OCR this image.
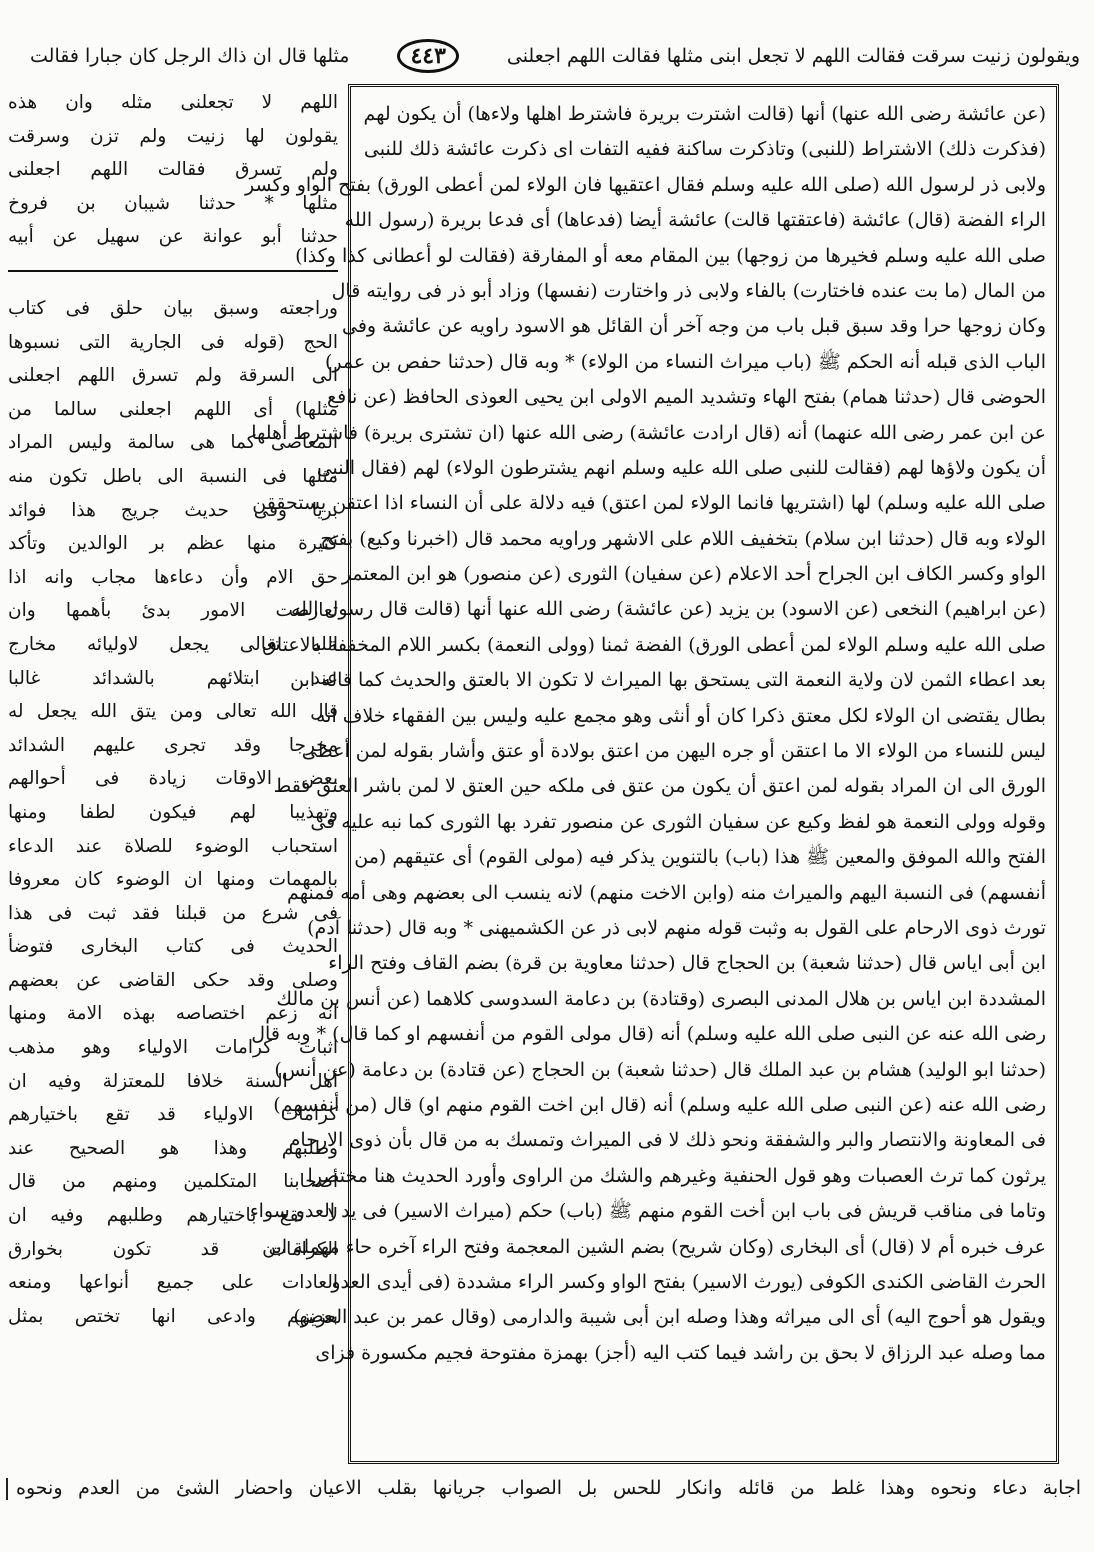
ويقولون زنيت سرقت فقالت اللهم لا تجعل ابنى مثلها فقالت اللهم اجعلنى
٤٤٣
مثلها قال ان ذاك الرجل كان جبارا فقالت
(عن عائشة رضى الله عنها) أنها (قالت اشترت بريرة فاشترط اهلها ولاءها) أن يكون لهم
(فذكرت ذلك) الاشتراط (للنبى) وتاذكرت ساكنة ففيه التفات اى ذكرت عائشة ذلك للنبى
ولابى ذر لرسول الله (صلى الله عليه وسلم فقال اعتقيها فان الولاء لمن أعطى الورق) بفتح الواو وكسر
الراء الفضة (قال) عائشة (فاعتقتها قالت) عائشة أيضا (فدعاها) أى فدعا بريرة (رسول الله
صلى الله عليه وسلم فخيرها من زوجها) بين المقام معه أو المفارقة (فقالت لو أعطانى كذا وكذا)
من المال (ما بت عنده فاختارت) بالفاء ولابى ذر واختارت (نفسها) وزاد أبو ذر فى روايته قال
وكان زوجها حرا وقد سبق قبل باب من وجه آخر أن القائل هو الاسود راويه عن عائشة وفى
الباب الذى قبله أنه الحكم ﷺ (باب ميراث النساء من الولاء) * وبه قال (حدثنا حفص بن عمر)
الحوضى قال (حدثنا همام) بفتح الهاء وتشديد الميم الاولى ابن يحيى العوذى الحافظ (عن نافع
عن ابن عمر رضى الله عنهما) أنه (قال ارادت عائشة) رضى الله عنها (ان تشترى بريرة) فاشترط أهلها
أن يكون ولاؤها لهم (فقالت للنبى صلى الله عليه وسلم انهم يشترطون الولاء) لهم (فقال النبى
صلى الله عليه وسلم) لها (اشتريها فانما الولاء لمن اعتق) فيه دلالة على أن النساء اذا اعتقن يستحققن
الولاء وبه قال (حدثنا ابن سلام) بتخفيف اللام على الاشهر وراويه محمد قال (اخبرنا وكيع) بفتح
الواو وكسر الكاف ابن الجراح أحد الاعلام (عن سفيان) الثورى (عن منصور) هو ابن المعتمر
(عن ابراهيم) النخعى (عن الاسود) بن يزيد (عن عائشة) رضى الله عنها أنها (قالت قال رسول الله
صلى الله عليه وسلم الولاء لمن أعطى الورق) الفضة ثمنا (وولى النعمة) بكسر اللام المخففة بالاعتاق
بعد اعطاء الثمن لان ولاية النعمة التى يستحق بها الميراث لا تكون الا بالعتق والحديث كما قاله ابن
بطال يقتضى ان الولاء لكل معتق ذكرا كان أو أنثى وهو مجمع عليه وليس بين الفقهاء خلاف انه
ليس للنساء من الولاء الا ما اعتقن أو جره اليهن من اعتق بولادة أو عتق وأشار بقوله لمن أعطى
الورق الى ان المراد بقوله لمن اعتق أن يكون من عتق فى ملكه حين العتق لا لمن باشر العتق فقط
وقوله وولى النعمة هو لفظ وكيع عن سفيان الثورى عن منصور تفرد بها الثورى كما نبه عليه فى
الفتح والله الموفق والمعين ﷺ هذا (باب) بالتنوين يذكر فيه (مولى القوم) أى عتيقهم (من
أنفسهم) فى النسبة اليهم والميراث منه (وابن الاخت منهم) لانه ينسب الى بعضهم وهى أمه فمنهم
تورث ذوى الارحام على القول به وثبت قوله منهم لابى ذر عن الكشميهنى * وبه قال (حدثنا آدم)
ابن أبى اياس قال (حدثنا شعبة) بن الحجاج قال (حدثنا معاوية بن قرة) بضم القاف وفتح الراء
المشددة ابن اياس بن هلال المدنى البصرى (وقتادة) بن دعامة السدوسى كلاهما (عن أنس بن مالك
رضى الله عنه عن النبى صلى الله عليه وسلم) أنه (قال مولى القوم من أنفسهم او كما قال) * وبه قال
(حدثنا ابو الوليد) هشام بن عبد الملك قال (حدثنا شعبة) بن الحجاج (عن قتادة) بن دعامة (عن أنس)
رضى الله عنه (عن النبى صلى الله عليه وسلم) أنه (قال ابن اخت القوم منهم او) قال (من أنفسهم)
فى المعاونة والانتصار والبر والشفقة ونحو ذلك لا فى الميراث وتمسك به من قال بأن ذوى الارحام
يرثون كما ترث العصبات وهو قول الحنفية وغيرهم والشك من الراوى وأورد الحديث هنا مختصرا
وتاما فى مناقب قريش فى باب ابن أخت القوم منهم ﷺ (باب) حكم (ميراث الاسير) فى يد العدو سواء
عرف خبره أم لا (قال) أى البخارى (وكان شريح) بضم الشين المعجمة وفتح الراء آخره حاء مهملة ابن
الحرث القاضى الكندى الكوفى (يورث الاسير) بفتح الواو وكسر الراء مشددة (فى أيدى العدو
ويقول هو أحوج اليه) أى الى ميراثه وهذا وصله ابن أبى شيبة والدارمى (وقال عمر بن عبد العزيز)
مما وصله عبد الرزاق لا بحق بن راشد فيما كتب اليه (أجز) بهمزة مفتوحة فجيم مكسورة فزاى
اللهم لا تجعلنى مثله وان هذه
يقولون لها زنيت ولم تزن وسرقت
ولم تسرق فقالت اللهم اجعلنى
مثلها * حدثنا شيبان بن فروخ
حدثنا أبو عوانة عن سهيل عن أبيه
وراجعته وسبق بيان حلق فى كتاب
الحج (قوله فى الجارية التى نسبوها
الى السرقة ولم تسرق اللهم اجعلنى
مثلها) أى اللهم اجعلنى سالما من
المعاصى كما هى سالمة وليس المراد
مثلها فى النسبة الى باطل تكون منه
بريا وفى حديث جريج هذا فوائد
كثيرة منها عظم بر الوالدين وتأكد
حق الام وأن دعاءها مجاب وانه اذا
تعارضت الامور بدئ بأهمها وان
الله تعالى يجعل لاوليائه مخارج
عند ابتلائهم بالشدائد غالبا
قال الله تعالى ومن يتق الله يجعل له
مخرجا وقد تجرى عليهم الشدائد
بعض الاوقات زيادة فى أحوالهم
وتهذيبا لهم فيكون لطفا ومنها
استحباب الوضوء للصلاة عند الدعاء
بالمهمات ومنها ان الوضوء كان معروفا
فى شرع من قبلنا فقد ثبت فى هذا
الحديث فى كتاب البخارى فتوضأ
وصلى وقد حكى القاضى عن بعضهم
انه زعم اختصاصه بهذه الامة ومنها
اثبات كرامات الاولياء وهو مذهب
أهل السنة خلافا للمعتزلة وفيه ان
كرامات الاولياء قد تقع باختيارهم
وطلبهم وهذا هو الصحيح عند
أصحابنا المتكلمين ومنهم من قال
لا تقع باختيارهم وطلبهم وفيه ان
الكرامات قد تكون بخوارق
العادات على جميع أنواعها ومنعه
بعضهم وادعى انها تختص بمثل
اجابة دعاء ونحوه وهذا غلط من قائله وانكار للحس بل الصواب جريانها بقلب الاعيان واحضار الشئ من العدم ونحوه
